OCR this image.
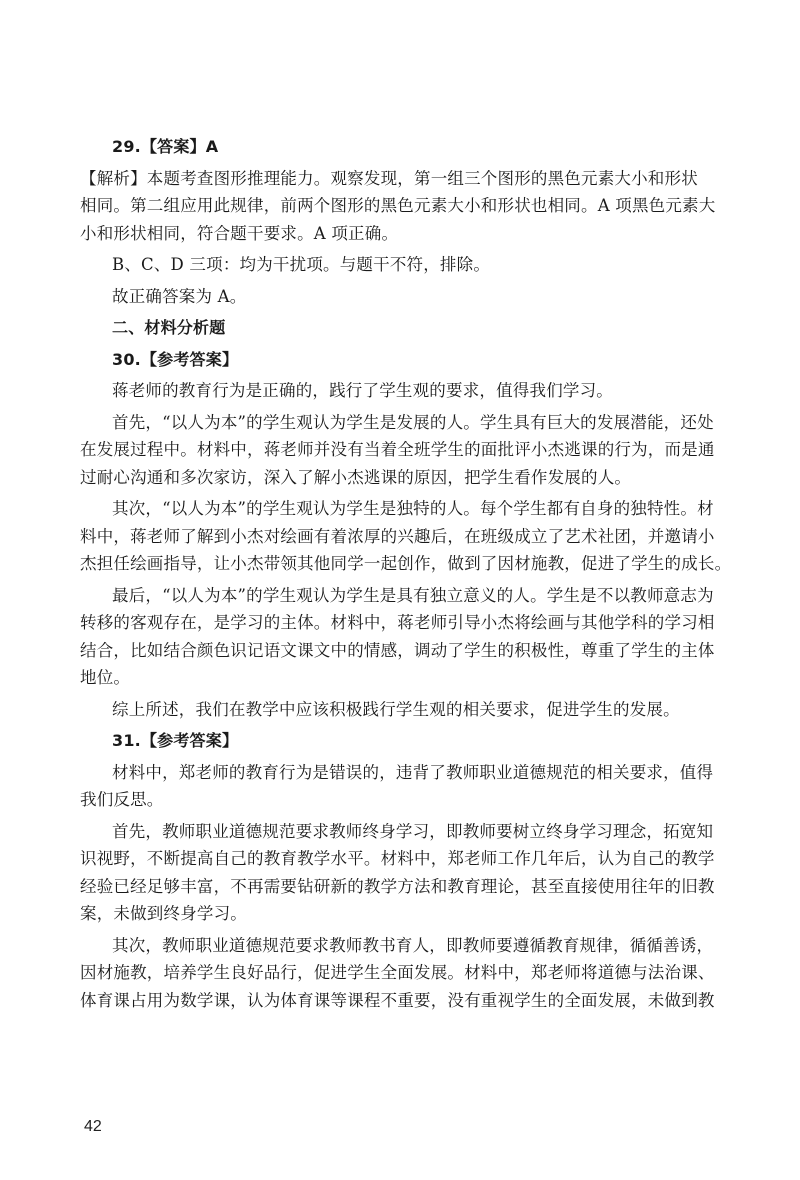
29.【答案】A
【解析】本题考查图形推理能力。观察发现，第一组三个图形的黑色元素大小和形状
相同。第二组应用此规律，前两个图形的黑色元素大小和形状也相同。A 项黑色元素大
小和形状相同，符合题干要求。A 项正确。
B、C、D 三项：均为干扰项。与题干不符，排除。
故正确答案为 A。
二、材料分析题
30.【参考答案】
蒋老师的教育行为是正确的，践行了学生观的要求，值得我们学习。
首先，“以人为本”的学生观认为学生是发展的人。学生具有巨大的发展潜能，还处
在发展过程中。材料中，蒋老师并没有当着全班学生的面批评小杰逃课的行为，而是通
过耐心沟通和多次家访，深入了解小杰逃课的原因，把学生看作发展的人。
其次，“以人为本”的学生观认为学生是独特的人。每个学生都有自身的独特性。材
料中，蒋老师了解到小杰对绘画有着浓厚的兴趣后，在班级成立了艺术社团，并邀请小
杰担任绘画指导，让小杰带领其他同学一起创作，做到了因材施教，促进了学生的成长。
最后，“以人为本”的学生观认为学生是具有独立意义的人。学生是不以教师意志为
转移的客观存在，是学习的主体。材料中，蒋老师引导小杰将绘画与其他学科的学习相
结合，比如结合颜色识记语文课文中的情感，调动了学生的积极性，尊重了学生的主体
地位。
综上所述，我们在教学中应该积极践行学生观的相关要求，促进学生的发展。
31.【参考答案】
材料中，郑老师的教育行为是错误的，违背了教师职业道德规范的相关要求，值得
我们反思。
首先，教师职业道德规范要求教师终身学习，即教师要树立终身学习理念，拓宽知
识视野，不断提高自己的教育教学水平。材料中，郑老师工作几年后，认为自己的教学
经验已经足够丰富，不再需要钻研新的教学方法和教育理论，甚至直接使用往年的旧教
案，未做到终身学习。
其次，教师职业道德规范要求教师教书育人，即教师要遵循教育规律，循循善诱，
因材施教，培养学生良好品行，促进学生全面发展。材料中，郑老师将道德与法治课、
体育课占用为数学课，认为体育课等课程不重要，没有重视学生的全面发展，未做到教
42
